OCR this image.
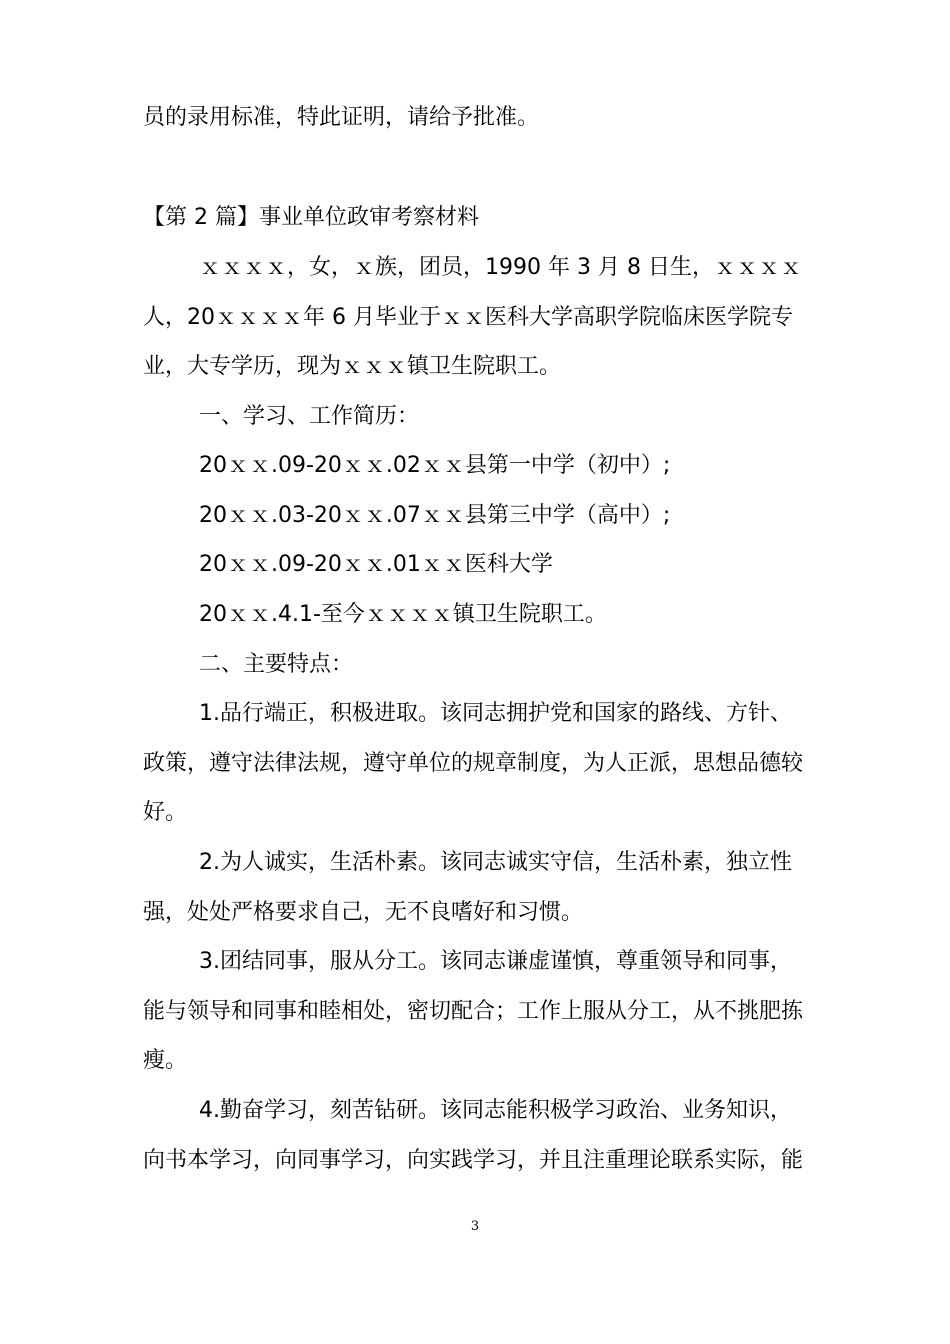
员的录用标准，特此证明，请给予批准。
【第 2 篇】事业单位政审考察材料
ｘｘｘｘ，女，ｘ族，团员，1990 年 3 月 8 日生，ｘｘｘｘ
人，20ｘｘｘｘ年 6 月毕业于ｘｘ医科大学高职学院临床医学院专
业，大专学历，现为ｘｘｘ镇卫生院职工。
一、学习、工作简历：
20ｘｘ.09-20ｘｘ.02ｘｘ县第一中学（初中）;
20ｘｘ.03-20ｘｘ.07ｘｘ县第三中学（高中）;
20ｘｘ.09-20ｘｘ.01ｘｘ医科大学
20ｘｘ.4.1-至今ｘｘｘｘ镇卫生院职工。
二、主要特点：
1.品行端正，积极进取。该同志拥护党和国家的路线、方针、
政策，遵守法律法规，遵守单位的规章制度，为人正派，思想品德较
好。
2.为人诚实，生活朴素。该同志诚实守信，生活朴素，独立性
强，处处严格要求自己，无不良嗜好和习惯。
3.团结同事，服从分工。该同志谦虚谨慎，尊重领导和同事，
能与领导和同事和睦相处，密切配合；工作上服从分工，从不挑肥拣
瘦。
4.勤奋学习，刻苦钻研。该同志能积极学习政治、业务知识，
向书本学习，向同事学习，向实践学习，并且注重理论联系实际，能
3
